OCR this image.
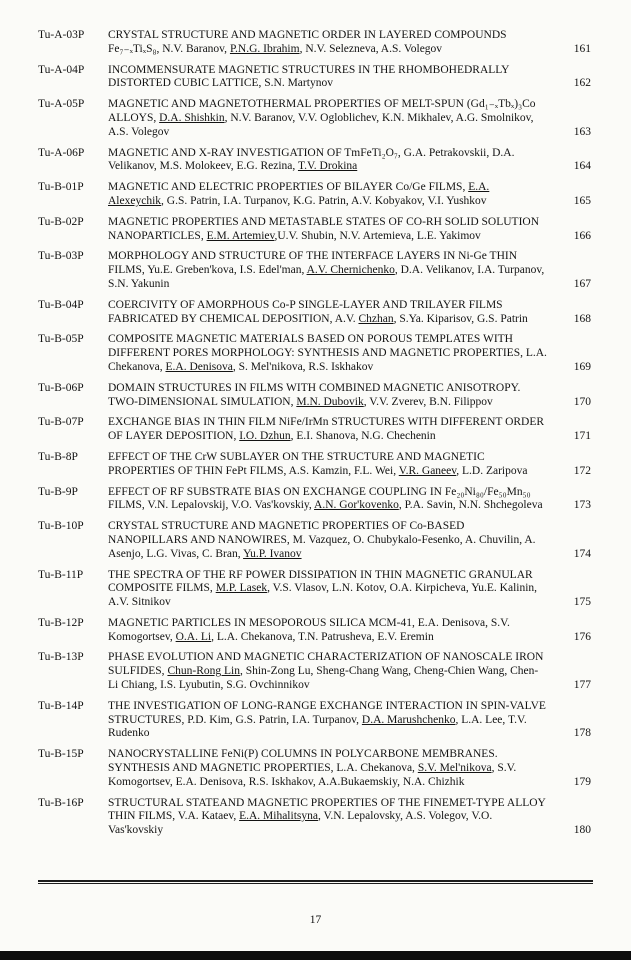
Tu-A-03P	CRYSTAL STRUCTURE AND MAGNETIC ORDER IN LAYERED COMPOUNDS Fe₇₋ₓTiₓS₈, N.V. Baranov, P.N.G. Ibrahim, N.V. Selezneva, A.S. Volegov	161
Tu-A-04P	INCOMMENSURATE MAGNETIC STRUCTURES IN THE RHOMBOHEDRALLY DISTORTED CUBIC LATTICE, S.N. Martynov	162
Tu-A-05P	MAGNETIC AND MAGNETOTHERMAL PROPERTIES OF MELT-SPUN (Gd₁₋ₓTbₓ)₃Co ALLOYS, D.A. Shishkin, N.V. Baranov, V.V. Ogloblichev, K.N. Mikhalev, A.G. Smolnikov, A.S. Volegov	163
Tu-A-06P	MAGNETIC AND X-RAY INVESTIGATION OF TmFeTi₂O₇, G.A. Petrakovskii, D.A. Velikanov, M.S. Molokeev, E.G. Rezina, T.V. Drokina	164
Tu-B-01P	MAGNETIC AND ELECTRIC PROPERTIES OF BILAYER Co/Ge FILMS, E.A. Alexeychik, G.S. Patrin, I.A. Turpanov, K.G. Patrin, A.V. Kobyakov, V.I. Yushkov	165
Tu-B-02P	MAGNETIC PROPERTIES AND METASTABLE STATES OF CO-RH SOLID SOLUTION NANOPARTICLES, E.M. Artemiev,U.V. Shubin, N.V. Artemieva, L.E. Yakimov	166
Tu-B-03P	MORPHOLOGY AND STRUCTURE OF THE INTERFACE LAYERS IN Ni-Ge THIN FILMS, Yu.E. Greben'kova, I.S. Edel'man, A.V. Chernichenko, D.A. Velikanov, I.A. Turpanov, S.N. Yakunin	167
Tu-B-04P	COERCIVITY OF AMORPHOUS Co-P SINGLE-LAYER AND TRILAYER FILMS FABRICATED BY CHEMICAL DEPOSITION, A.V. Chzhan, S.Ya. Kiparisov, G.S. Patrin	168
Tu-B-05P	COMPOSITE MAGNETIC MATERIALS BASED ON POROUS TEMPLATES WITH DIFFERENT PORES MORPHOLOGY: SYNTHESIS AND MAGNETIC PROPERTIES, L.A. Chekanova, E.A. Denisova, S. Mel'nikova, R.S. Iskhakov	169
Tu-B-06P	DOMAIN STRUCTURES IN FILMS WITH COMBINED MAGNETIC ANISOTROPY. TWO-DIMENSIONAL SIMULATION, M.N. Dubovik, V.V. Zverev, B.N. Filippov	170
Tu-B-07P	EXCHANGE BIAS IN THIN FILM NiFe/IrMn STRUCTURES WITH DIFFERENT ORDER OF LAYER DEPOSITION, I.O. Dzhun, E.I. Shanova, N.G. Chechenin	171
Tu-B-8P	EFFECT OF THE CrW SUBLAYER ON THE STRUCTURE AND MAGNETIC PROPERTIES OF THIN FePt FILMS, A.S. Kamzin, F.L. Wei, V.R. Ganeev, L.D. Zaripova	172
Tu-B-9P	EFFECT OF RF SUBSTRATE BIAS ON EXCHANGE COUPLING IN Fe₂₀Ni₈₀/Fe₅₀Mn₅₀ FILMS, V.N. Lepalovskij, V.O. Vas'kovskiy, A.N. Gor'kovenko, P.A. Savin, N.N. Shchegoleva	173
Tu-B-10P	CRYSTAL STRUCTURE AND MAGNETIC PROPERTIES OF Co-BASED NANOPILLARS AND NANOWIRES, M. Vazquez, O. Chubykalo-Fesenko, A. Chuvilin, A. Asenjo, L.G. Vivas, C. Bran, Yu.P. Ivanov	174
Tu-B-11P	THE SPECTRA OF THE RF POWER DISSIPATION IN THIN MAGNETIC GRANULAR COMPOSITE FILMS, M.P. Lasek, V.S. Vlasov, L.N. Kotov, O.A. Kirpicheva, Yu.E. Kalinin, A.V. Sitnikov	175
Tu-B-12P	MAGNETIC PARTICLES IN MESOPOROUS SILICA MCM-41, E.A. Denisova, S.V. Komogortsev, O.A. Li, L.A. Chekanova, T.N. Patrusheva, E.V. Eremin	176
Tu-B-13P	PHASE EVOLUTION AND MAGNETIC CHARACTERIZATION OF NANOSCALE IRON SULFIDES, Chun-Rong Lin, Shin-Zong Lu, Sheng-Chang Wang, Cheng-Chien Wang, Chen-Li Chiang, I.S. Lyubutin, S.G. Ovchinnikov	177
Tu-B-14P	THE INVESTIGATION OF LONG-RANGE EXCHANGE INTERACTION IN SPIN-VALVE STRUCTURES, P.D. Kim, G.S. Patrin, I.A. Turpanov, D.A. Marushchenko, L.A. Lee, T.V. Rudenko	178
Tu-B-15P	NANOCRYSTALLINE FeNi(P) COLUMNS IN POLYCARBONE MEMBRANES. SYNTHESIS AND MAGNETIC PROPERTIES, L.A. Chekanova, S.V. Mel'nikova, S.V. Komogortsev, E.A. Denisova, R.S. Iskhakov, A.A.Bukaemskiy, N.A. Chizhik	179
Tu-B-16P	STRUCTURAL STATEAND MAGNETIC PROPERTIES OF THE FINEMET-TYPE ALLOY THIN FILMS, V.A. Kataev, E.A. Mihalitsyna, V.N. Lepalovsky, A.S. Volegov, V.O. Vas'kovskiy	180
17
